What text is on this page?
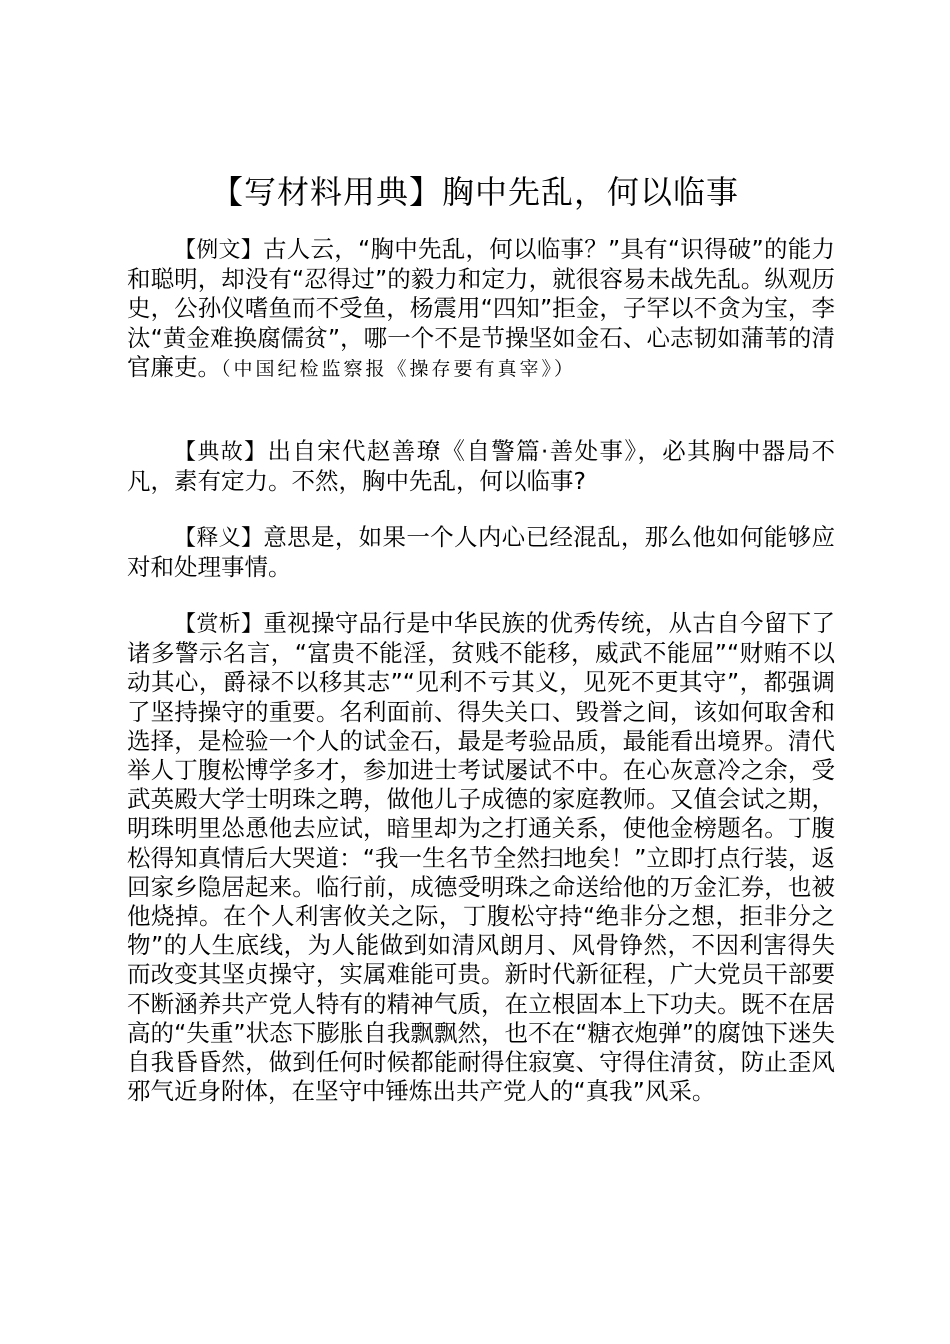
【写材料用典】胸中先乱，何以临事

【例文】古人云，“胸中先乱，何以临事？”具有“识得破”的能力和聪明，却没有“忍得过”的毅力和定力，就很容易未战先乱。纵观历史，公孙仪嗜鱼而不受鱼，杨震用“四知”拒金，子罕以不贪为宝，李汰“黄金难换腐儒贫”，哪一个不是节操坚如金石、心志韧如蒲苇的清官廉吏。（中国纪检监察报《操存要有真宰》）

【典故】出自宋代赵善璙《自警篇·善处事》，必其胸中器局不凡，素有定力。不然，胸中先乱，何以临事?

【释义】意思是，如果一个人内心已经混乱，那么他如何能够应对和处理事情。

【赏析】重视操守品行是中华民族的优秀传统，从古自今留下了诸多警示名言，“富贵不能淫，贫贱不能移，威武不能屈”“财贿不以动其心，爵禄不以移其志”“见利不亏其义，见死不更其守”，都强调了坚持操守的重要。名利面前、得失关口、毁誉之间，该如何取舍和选择，是检验一个人的试金石，最是考验品质，最能看出境界。清代举人丁腹松博学多才，参加进士考试屡试不中。在心灰意冷之余，受武英殿大学士明珠之聘，做他儿子成德的家庭教师。又值会试之期，明珠明里怂恿他去应试，暗里却为之打通关系，使他金榜题名。丁腹松得知真情后大哭道：“我一生名节全然扫地矣！”立即打点行装，返回家乡隐居起来。临行前，成德受明珠之命送给他的万金汇券，也被他烧掉。在个人利害攸关之际，丁腹松守持“绝非分之想，拒非分之物”的人生底线，为人能做到如清风朗月、风骨铮然，不因利害得失而改变其坚贞操守，实属难能可贵。新时代新征程，广大党员干部要不断涵养共产党人特有的精神气质，在立根固本上下功夫。既不在居高的“失重”状态下膨胀自我飘飘然，也不在“糖衣炮弹”的腐蚀下迷失自我昏昏然，做到任何时候都能耐得住寂寞、守得住清贫，防止歪风邪气近身附体，在坚守中锤炼出共产党人的“真我”风采。
